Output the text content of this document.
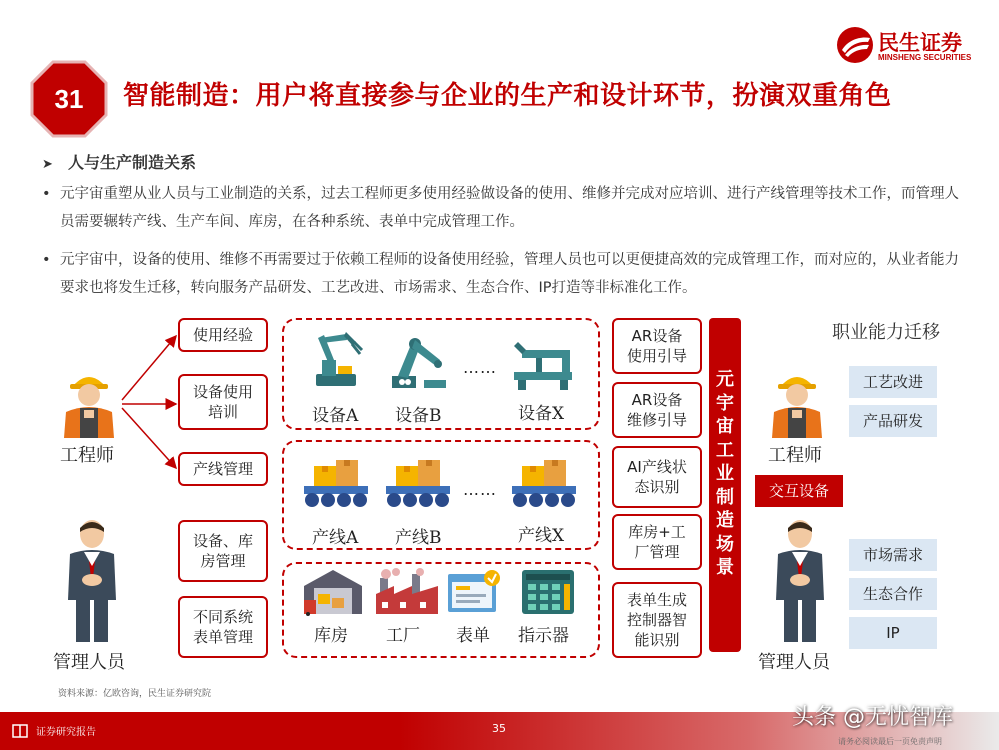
31	智能制造：用户将直接参与企业的生产和设计环节，扮演双重角色
民生证券
MINSHENG SECURITIES
➤ 人与生产制造关系
• 元宇宙重塑从业人员与工业制造的关系，过去工程师更多使用经验做设备的使用、维修并完成对应培训、进行产线管理等技术工作，而管理人员需要辗转产线、生产车间、库房，在各种系统、表单中完成管理工作。
• 元宇宙中，设备的使用、维修不再需要过于依赖工程师的设备使用经验，管理人员也可以更便捷高效的完成管理工作，而对应的，从业者能力要求也将发生迁移，转向服务产品研发、工艺改进、市场需求、生态合作、IP打造等非标准化工作。
工程师
管理人员
使用经验
设备使用培训
产线管理
设备、库房管理
不同系统表单管理
……
设备A 设备B	设备X
……
产线A 产线B	产线X
库房 工厂 表单 指示器
AR设备使用引导
AR设备维修引导
AI产线状态识别
库房+工厂管理
表单生成控制器智能识别
元
宇
宙
工
业
制
造
场
景
职业能力迁移
工程师
交互设备
管理人员
工艺改进
产品研发
市场需求
生态合作
IP
资料来源：亿欧咨询，民生证券研究院
证券研究报告	35
请务必阅读最后一页免责声明
头条 @无忧智库
